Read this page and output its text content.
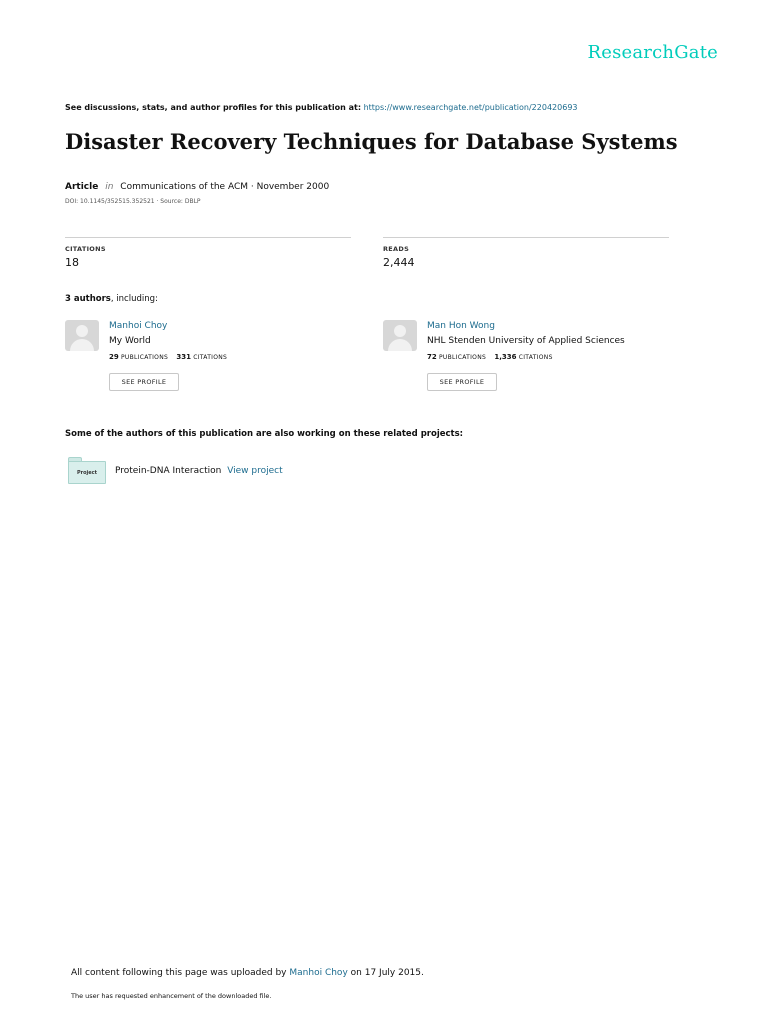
ResearchGate
See discussions, stats, and author profiles for this publication at: https://www.researchgate.net/publication/220420693
Disaster Recovery Techniques for Database Systems
Article in Communications of the ACM · November 2000
DOI: 10.1145/352515.352521 · Source: DBLP
CITATIONS
18
READS
2,444
3 authors, including:
Manhoi Choy
My World
29 PUBLICATIONS 331 CITATIONS
SEE PROFILE
Man Hon Wong
NHL Stenden University of Applied Sciences
72 PUBLICATIONS 1,336 CITATIONS
SEE PROFILE
Some of the authors of this publication are also working on these related projects:
Project	Protein-DNA Interaction View project
All content following this page was uploaded by Manhoi Choy on 17 July 2015.
The user has requested enhancement of the downloaded file.
